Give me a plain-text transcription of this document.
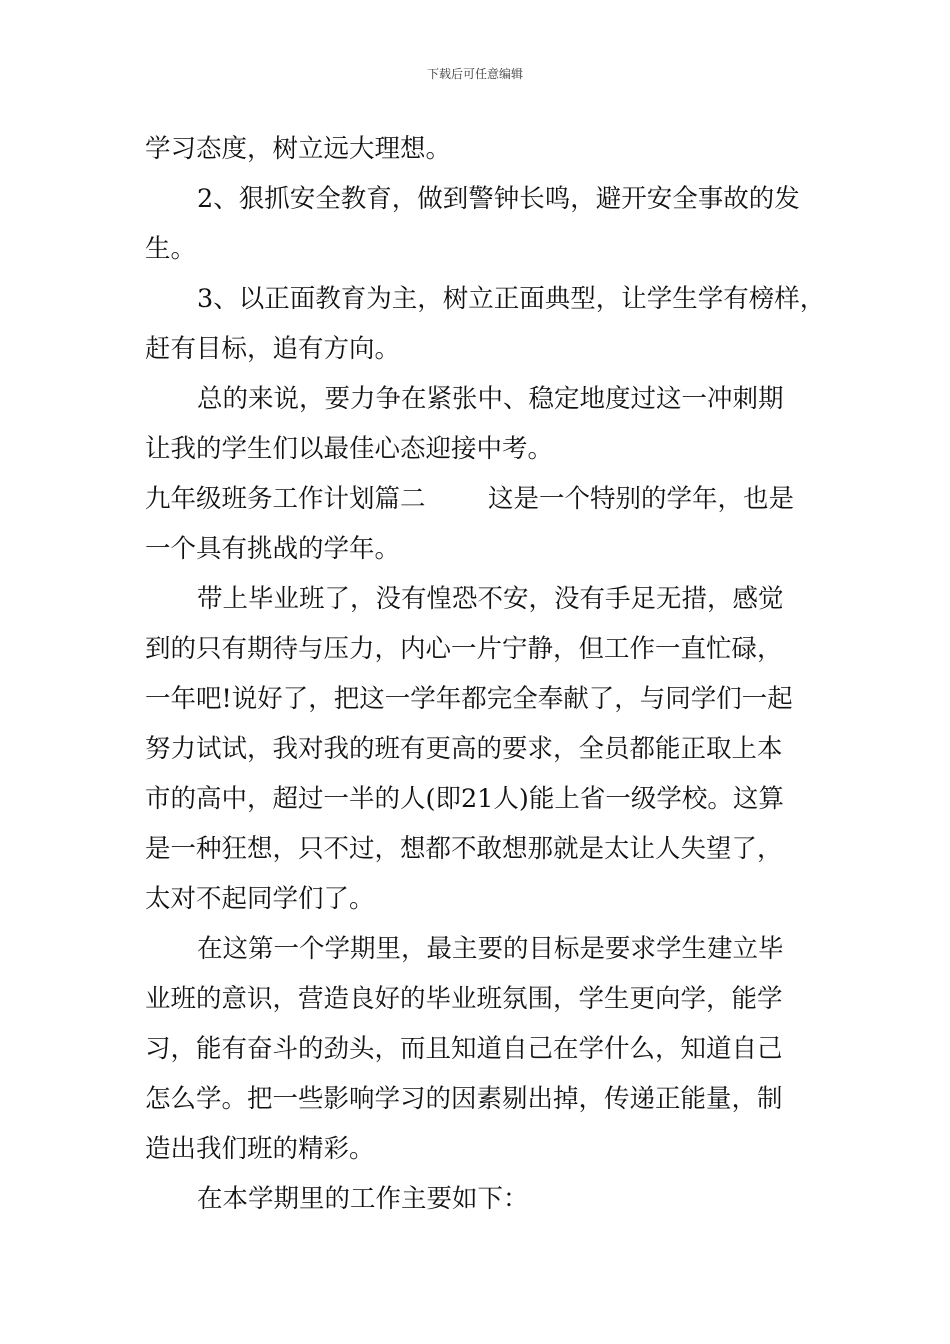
下载后可任意编辑
学习态度，树立远大理想。
2、狠抓安全教育，做到警钟长鸣，避开安全事故的发
生。
3、以正面教育为主，树立正面典型，让学生学有榜样，
赶有目标，追有方向。
总的来说，要力争在紧张中、稳定地度过这一冲刺期
让我的学生们以最佳心态迎接中考。
九年级班务工作计划篇二 这是一个特别的学年，也是
一个具有挑战的学年。
带上毕业班了，没有惶恐不安，没有手足无措，感觉
到的只有期待与压力，内心一片宁静，但工作一直忙碌，
一年吧!说好了，把这一学年都完全奉献了，与同学们一起
努力试试，我对我的班有更高的要求，全员都能正取上本
市的高中，超过一半的人(即21人)能上省一级学校。这算
是一种狂想，只不过，想都不敢想那就是太让人失望了，
太对不起同学们了。
在这第一个学期里，最主要的目标是要求学生建立毕
业班的意识，营造良好的毕业班氛围，学生更向学，能学
习，能有奋斗的劲头，而且知道自己在学什么，知道自己
怎么学。把一些影响学习的因素剔出掉，传递正能量，制
造出我们班的精彩。
在本学期里的工作主要如下：
